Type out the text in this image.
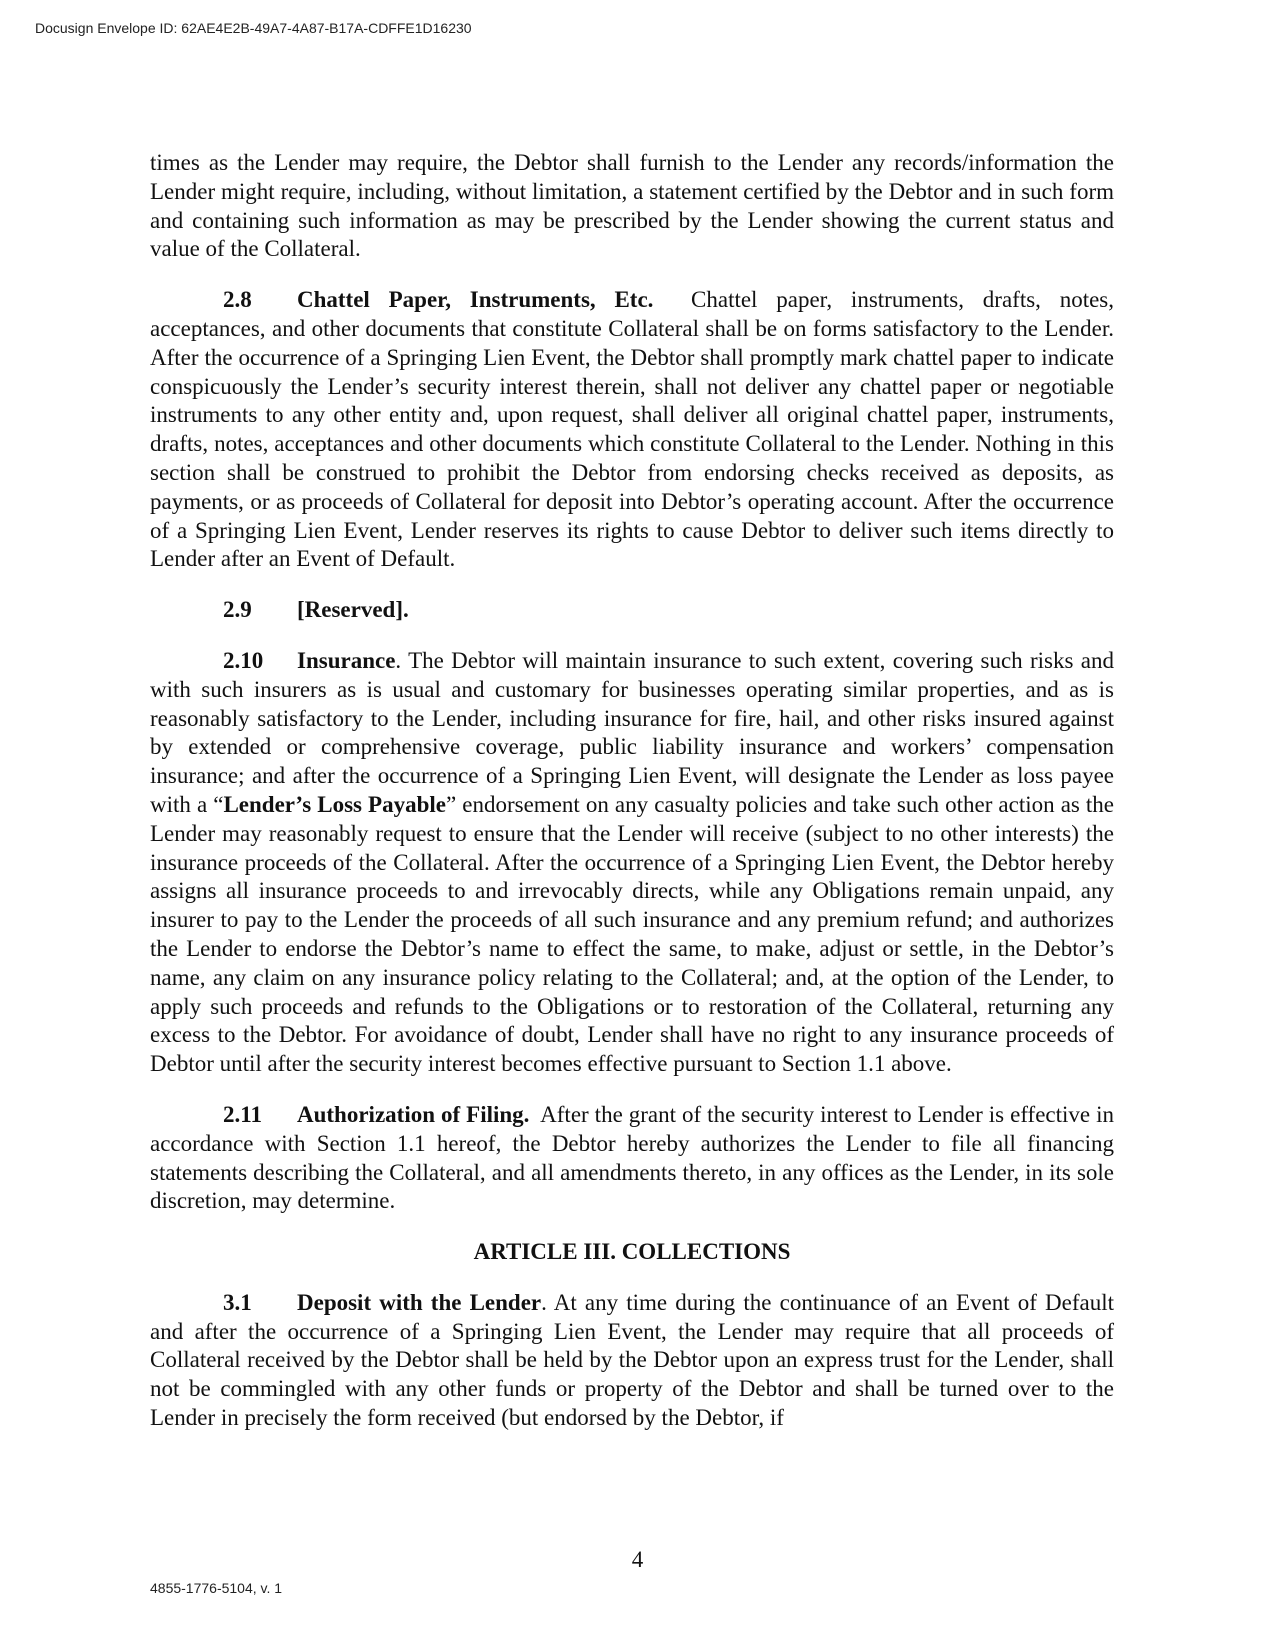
Docusign Envelope ID: 62AE4E2B-49A7-4A87-B17A-CDFFE1D16230

times as the Lender may require, the Debtor shall furnish to the Lender any records/information the Lender might require, including, without limitation, a statement certified by the Debtor and in such form and containing such information as may be prescribed by the Lender showing the current status and value of the Collateral.

2.8 Chattel Paper, Instruments, Etc. Chattel paper, instruments, drafts, notes, acceptances, and other documents that constitute Collateral shall be on forms satisfactory to the Lender. After the occurrence of a Springing Lien Event, the Debtor shall promptly mark chattel paper to indicate conspicuously the Lender’s security interest therein, shall not deliver any chattel paper or negotiable instruments to any other entity and, upon request, shall deliver all original chattel paper, instruments, drafts, notes, acceptances and other documents which constitute Collateral to the Lender. Nothing in this section shall be construed to prohibit the Debtor from endorsing checks received as deposits, as payments, or as proceeds of Collateral for deposit into Debtor’s operating account. After the occurrence of a Springing Lien Event, Lender reserves its rights to cause Debtor to deliver such items directly to Lender after an Event of Default.

2.9 [Reserved].

2.10 Insurance. The Debtor will maintain insurance to such extent, covering such risks and with such insurers as is usual and customary for businesses operating similar properties, and as is reasonably satisfactory to the Lender, including insurance for fire, hail, and other risks insured against by extended or comprehensive coverage, public liability insurance and workers’ compensation insurance; and after the occurrence of a Springing Lien Event, will designate the Lender as loss payee with a “Lender’s Loss Payable” endorsement on any casualty policies and take such other action as the Lender may reasonably request to ensure that the Lender will receive (subject to no other interests) the insurance proceeds of the Collateral. After the occurrence of a Springing Lien Event, the Debtor hereby assigns all insurance proceeds to and irrevocably directs, while any Obligations remain unpaid, any insurer to pay to the Lender the proceeds of all such insurance and any premium refund; and authorizes the Lender to endorse the Debtor’s name to effect the same, to make, adjust or settle, in the Debtor’s name, any claim on any insurance policy relating to the Collateral; and, at the option of the Lender, to apply such proceeds and refunds to the Obligations or to restoration of the Collateral, returning any excess to the Debtor. For avoidance of doubt, Lender shall have no right to any insurance proceeds of Debtor until after the security interest becomes effective pursuant to Section 1.1 above.

2.11 Authorization of Filing. After the grant of the security interest to Lender is effective in accordance with Section 1.1 hereof, the Debtor hereby authorizes the Lender to file all financing statements describing the Collateral, and all amendments thereto, in any offices as the Lender, in its sole discretion, may determine.

ARTICLE III. COLLECTIONS

3.1 Deposit with the Lender. At any time during the continuance of an Event of Default and after the occurrence of a Springing Lien Event, the Lender may require that all proceeds of Collateral received by the Debtor shall be held by the Debtor upon an express trust for the Lender, shall not be commingled with any other funds or property of the Debtor and shall be turned over to the Lender in precisely the form received (but endorsed by the Debtor, if

4
4855-1776-5104, v. 1
